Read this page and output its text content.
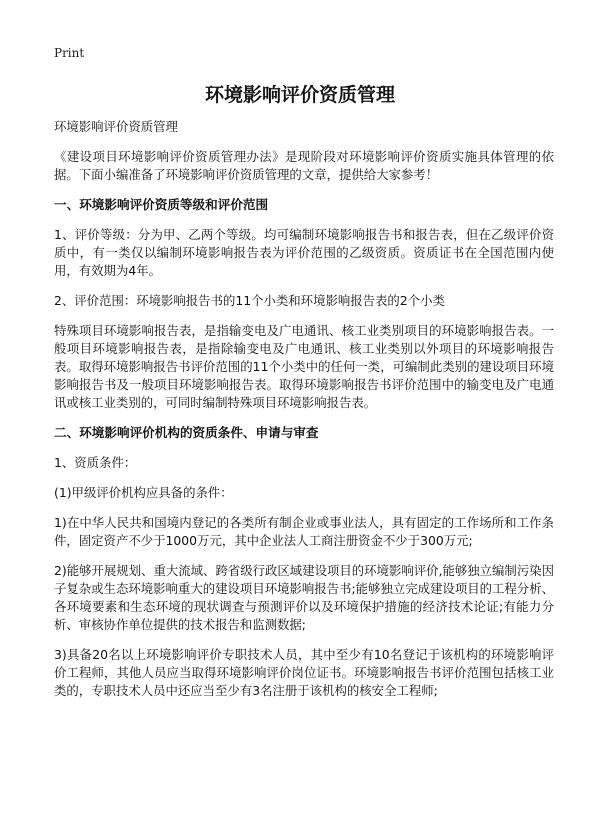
Print
环境影响评价资质管理

环境影响评价资质管理

《建设项目环境影响评价资质管理办法》是现阶段对环境影响评价资质实施具体管理的依据。下面小编准备了环境影响评价资质管理的文章，提供给大家参考！

一、环境影响评价资质等级和评价范围

1、评价等级：分为甲、乙两个等级。均可编制环境影响报告书和报告表，但在乙级评价资质中，有一类仅以编制环境影响报告表为评价范围的乙级资质。资质证书在全国范围内使用，有效期为4年。

2、评价范围：环境影响报告书的11个小类和环境影响报告表的2个小类

特殊项目环境影响报告表，是指输变电及广电通讯、核工业类别项目的环境影响报告表。一般项目环境影响报告表，是指除输变电及广电通讯、核工业类别以外项目的环境影响报告表。取得环境影响报告书评价范围的11个小类中的任何一类，可编制此类别的建设项目环境影响报告书及一般项目环境影响报告表。取得环境影响报告书评价范围中的输变电及广电通讯或核工业类别的，可同时编制特殊项目环境影响报告表。

二、环境影响评价机构的资质条件、申请与审查

1、资质条件：

(1)甲级评价机构应具备的条件：

1)在中华人民共和国境内登记的各类所有制企业或事业法人，具有固定的工作场所和工作条件，固定资产不少于1000万元，其中企业法人工商注册资金不少于300万元;

2)能够开展规划、重大流域、跨省级行政区域建设项目的环境影响评价,能够独立编制污染因子复杂或生态环境影响重大的建设项目环境影响报告书;能够独立完成建设项目的工程分析、各环境要素和生态环境的现状调查与预测评价以及环境保护措施的经济技术论证;有能力分析、审核协作单位提供的技术报告和监测数据;

3)具备20名以上环境影响评价专职技术人员，其中至少有10名登记于该机构的环境影响评价工程师，其他人员应当取得环境影响评价岗位证书。环境影响报告书评价范围包括核工业类的，专职技术人员中还应当至少有3名注册于该机构的核安全工程师;
